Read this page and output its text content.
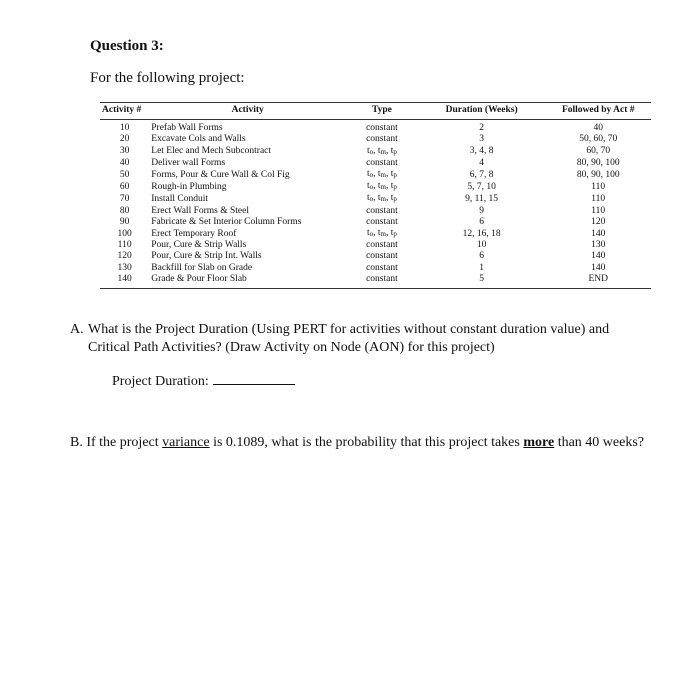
Question 3:
For the following project:
Activity #	Activity	Type	Duration (Weeks)	Followed by Act #
10	Prefab Wall Forms	constant	2	40
20	Excavate Cols and Walls	constant	3	50, 60, 70
30	Let Elec and Mech Subcontract	to, tm, tp	3, 4, 8	60, 70
40	Deliver wall Forms	constant	4	80, 90, 100
50	Forms, Pour & Cure Wall & Col Fig	to, tm, tp	6, 7, 8	80, 90, 100
60	Rough-in Plumbing	to, tm, tp	5, 7, 10	110
70	Install Conduit	to, tm, tp	9, 11, 15	110
80	Erect Wall Forms & Steel	constant	9	110
90	Fabricate & Set Interior Column Forms	constant	6	120
100	Erect Temporary Roof	to, tm, tp	12, 16, 18	140
110	Pour, Cure & Strip Walls	constant	10	130
120	Pour, Cure & Strip Int. Walls	constant	6	140
130	Backfill for Slab on Grade	constant	1	140
140	Grade & Pour Floor Slab	constant	5	END
A. What is the Project Duration (Using PERT for activities without constant duration value) and
Critical Path Activities? (Draw Activity on Node (AON) for this project)
Project Duration:
B. If the project variance is 0.1089, what is the probability that this project takes more than 40 weeks?
